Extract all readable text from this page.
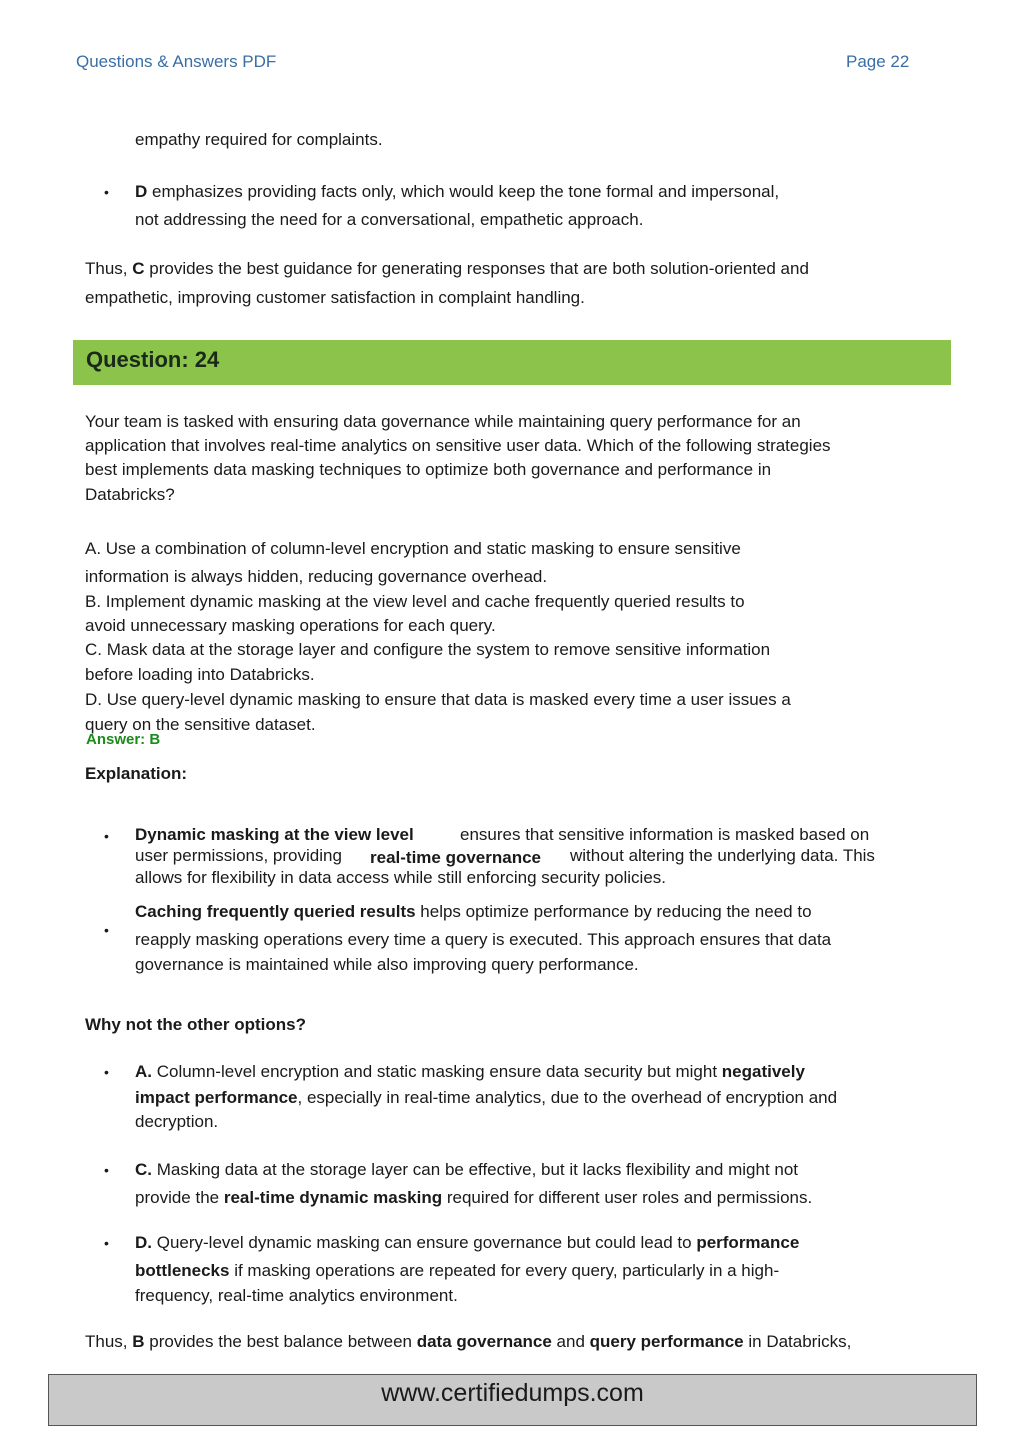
Questions & Answers PDF	Page 22
empathy required for complaints.
• D emphasizes providing facts only, which would keep the tone formal and impersonal,
not addressing the need for a conversational, empathetic approach.
Thus, C provides the best guidance for generating responses that are both solution-oriented and
empathetic, improving customer satisfaction in complaint handling.
Question: 24
Your team is tasked with ensuring data governance while maintaining query performance for an
application that involves real-time analytics on sensitive user data. Which of the following strategies
best implements data masking techniques to optimize both governance and performance in
Databricks?
A. Use a combination of column-level encryption and static masking to ensure sensitive
information is always hidden, reducing governance overhead.
B. Implement dynamic masking at the view level and cache frequently queried results to
avoid unnecessary masking operations for each query.
C. Mask data at the storage layer and configure the system to remove sensitive information
before loading into Databricks.
D. Use query-level dynamic masking to ensure that data is masked every time a user issues a
query on the sensitive dataset.
Answer: B
Explanation:
• Dynamic masking at the view level	ensures that sensitive information is masked based on
user permissions, providing real-time governance without altering the underlying data. This
allows for flexibility in data access while still enforcing security policies.
•
Caching frequently queried results helps optimize performance by reducing the need to
reapply masking operations every time a query is executed. This approach ensures that data
governance is maintained while also improving query performance.
Why not the other options?
• A. Column-level encryption and static masking ensure data security but might negatively
impact performance, especially in real-time analytics, due to the overhead of encryption and
decryption.
• C. Masking data at the storage layer can be effective, but it lacks flexibility and might not
provide the real-time dynamic masking required for different user roles and permissions.
• D. Query-level dynamic masking can ensure governance but could lead to performance
bottlenecks if masking operations are repeated for every query, particularly in a high-
frequency, real-time analytics environment.
Thus, B provides the best balance between data governance and query performance in Databricks,
www.certifiedumps.com
